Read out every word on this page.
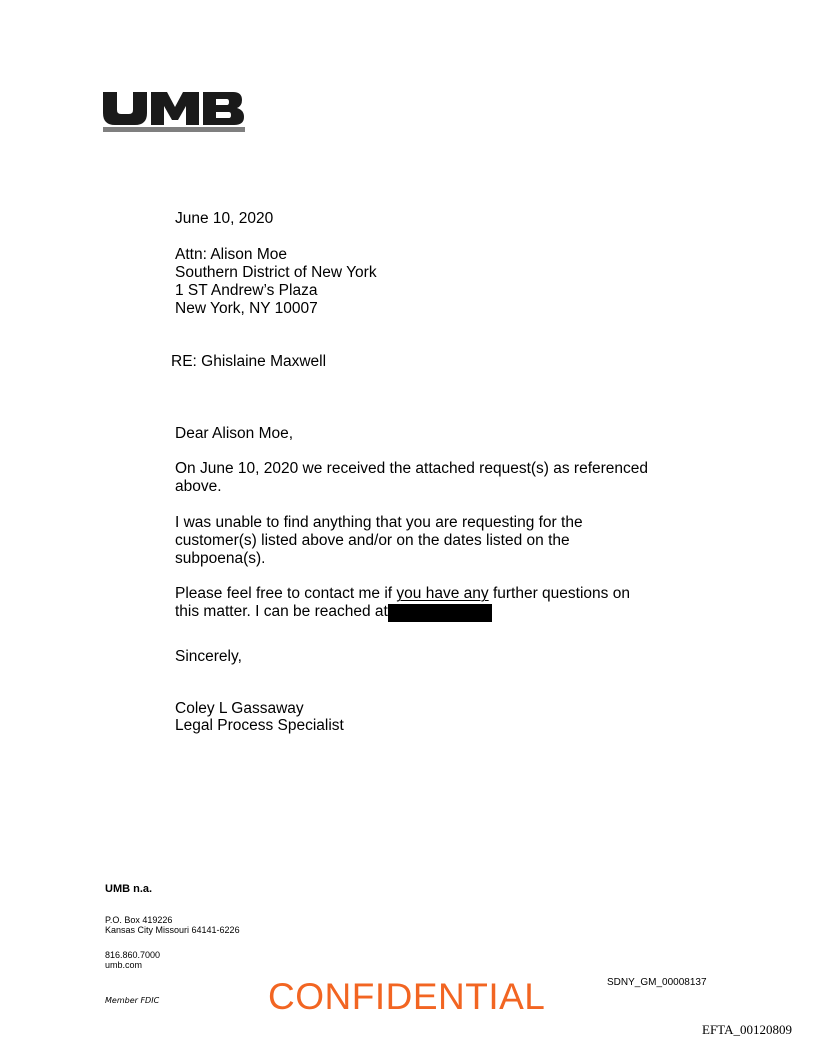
June 10, 2020
Attn: Alison Moe
Southern District of New York
1 ST Andrew’s Plaza
New York, NY 10007
RE: Ghislaine Maxwell
Dear Alison Moe,
On June 10, 2020 we received the attached request(s) as referenced
above.
I was unable to find anything that you are requesting for the
customer(s) listed above and/or on the dates listed on the
subpoena(s).
Please feel free to contact me if you have any further questions on
this matter. I can be reached at
Sincerely,
Coley L Gassaway
Legal Process Specialist
UMB n.a.
P.O. Box 419226
Kansas City Missouri 64141-6226
816.860.7000
umb.com
Member FDIC	CONFIDENTIAL	SDNY_GM_00008137
EFTA_00120809
